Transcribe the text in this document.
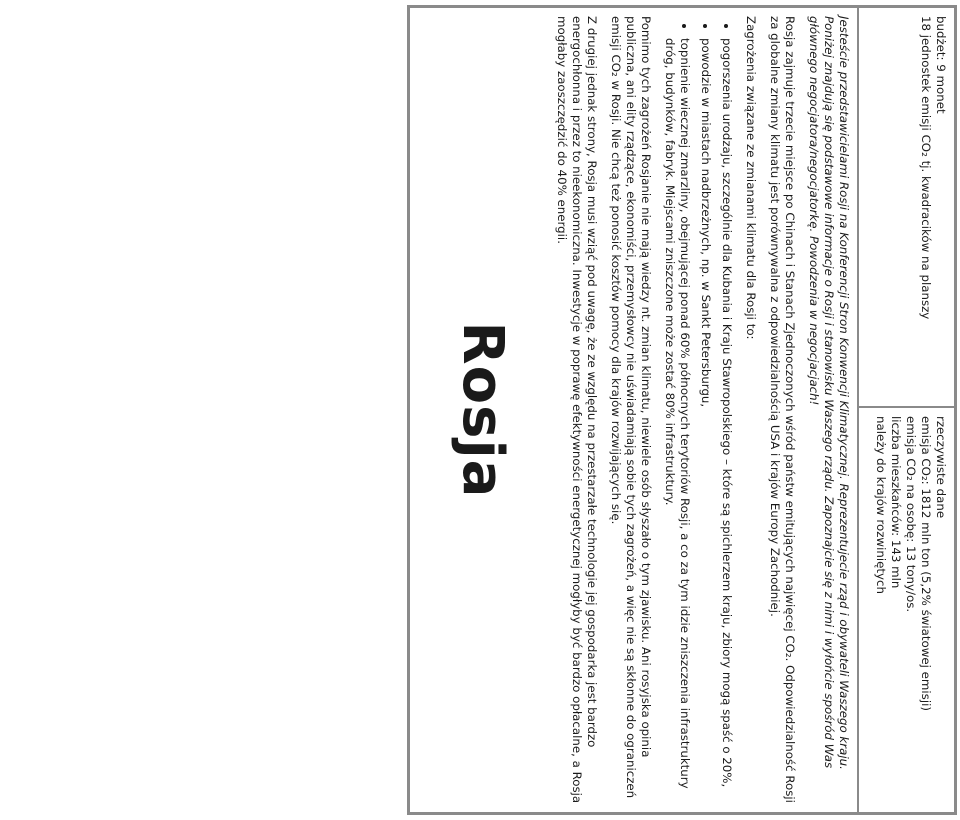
budżet: 9 monet
18 jednostek emisji CO₂ tj. kwadracików na planszy
rzeczywiste dane
emisja CO₂: 1812 mln ton (5,2% światowej emisji)
emisja CO₂ na osobę: 13 tony/os.
liczba mieszkańców: 143 mln
należy do krajów rozwiniętych

Jesteście przedstawicielami Rosji na Konferencji Stron Konwencji Klimatycznej. Reprezentujecie rząd i obywateli Waszego kraju. Poniżej znajdują się podstawowe informacje o Rosji i stanowisku Waszego rządu. Zapoznajcie się z nimi i wyłońcie spośród Was głównego negocjatora/negocjatorkę. Powodzenia w negocjacjach!

Rosja zajmuje trzecie miejsce po Chinach i Stanach Zjednoczonych wśród państw emitujących najwięcej CO₂. Odpowiedzialność Rosji za globalne zmiany klimatu jest porównywalna z odpowiedzialnością USA i krajów Europy Zachodniej.

Zagrożenia związane ze zmianami klimatu dla Rosji to:

• pogorszenia urodzaju, szczególnie dla Kubania i Kraju Stawropolskiego – które są spichlerzem kraju, zbiory mogą spaść o 20%,
• powodzie w miastach nadbrzeżnych, np. w Sankt Petersburgu,
• topnienie wiecznej zmarzliny, obejmującej ponad 60% północnych terytoriów Rosji, a co za tym idzie zniszczenia infrastruktury dróg, budynków, fabryk. Miejscami zniszczone może zostać 80% infrastruktury.

Pomimo tych zagrożeń Rosjanie nie mają wiedzy nt. zmian klimatu, niewiele osób słyszało o tym zjawisku. Ani rosyjska opinia publiczna, ani elity rządzące, ekonomiści, przemysłowcy nie uświadamiają sobie tych zagrożeń, a więc nie są skłonne do ograniczeń emisji CO₂ w Rosji. Nie chcą też ponosić kosztów pomocy dla krajów rozwijających się.

Z drugiej jednak strony, Rosja musi wziąć pod uwagę, że ze względu na przestarzałe technologie jej gospodarka jest bardzo energochłonna i przez to nieekonomiczna. Inwestycje w poprawę efektywności energetycznej mogłyby być bardzo opłacalne, a Rosja mogłaby zaoszczędzić do 40% energii.

Rosja
